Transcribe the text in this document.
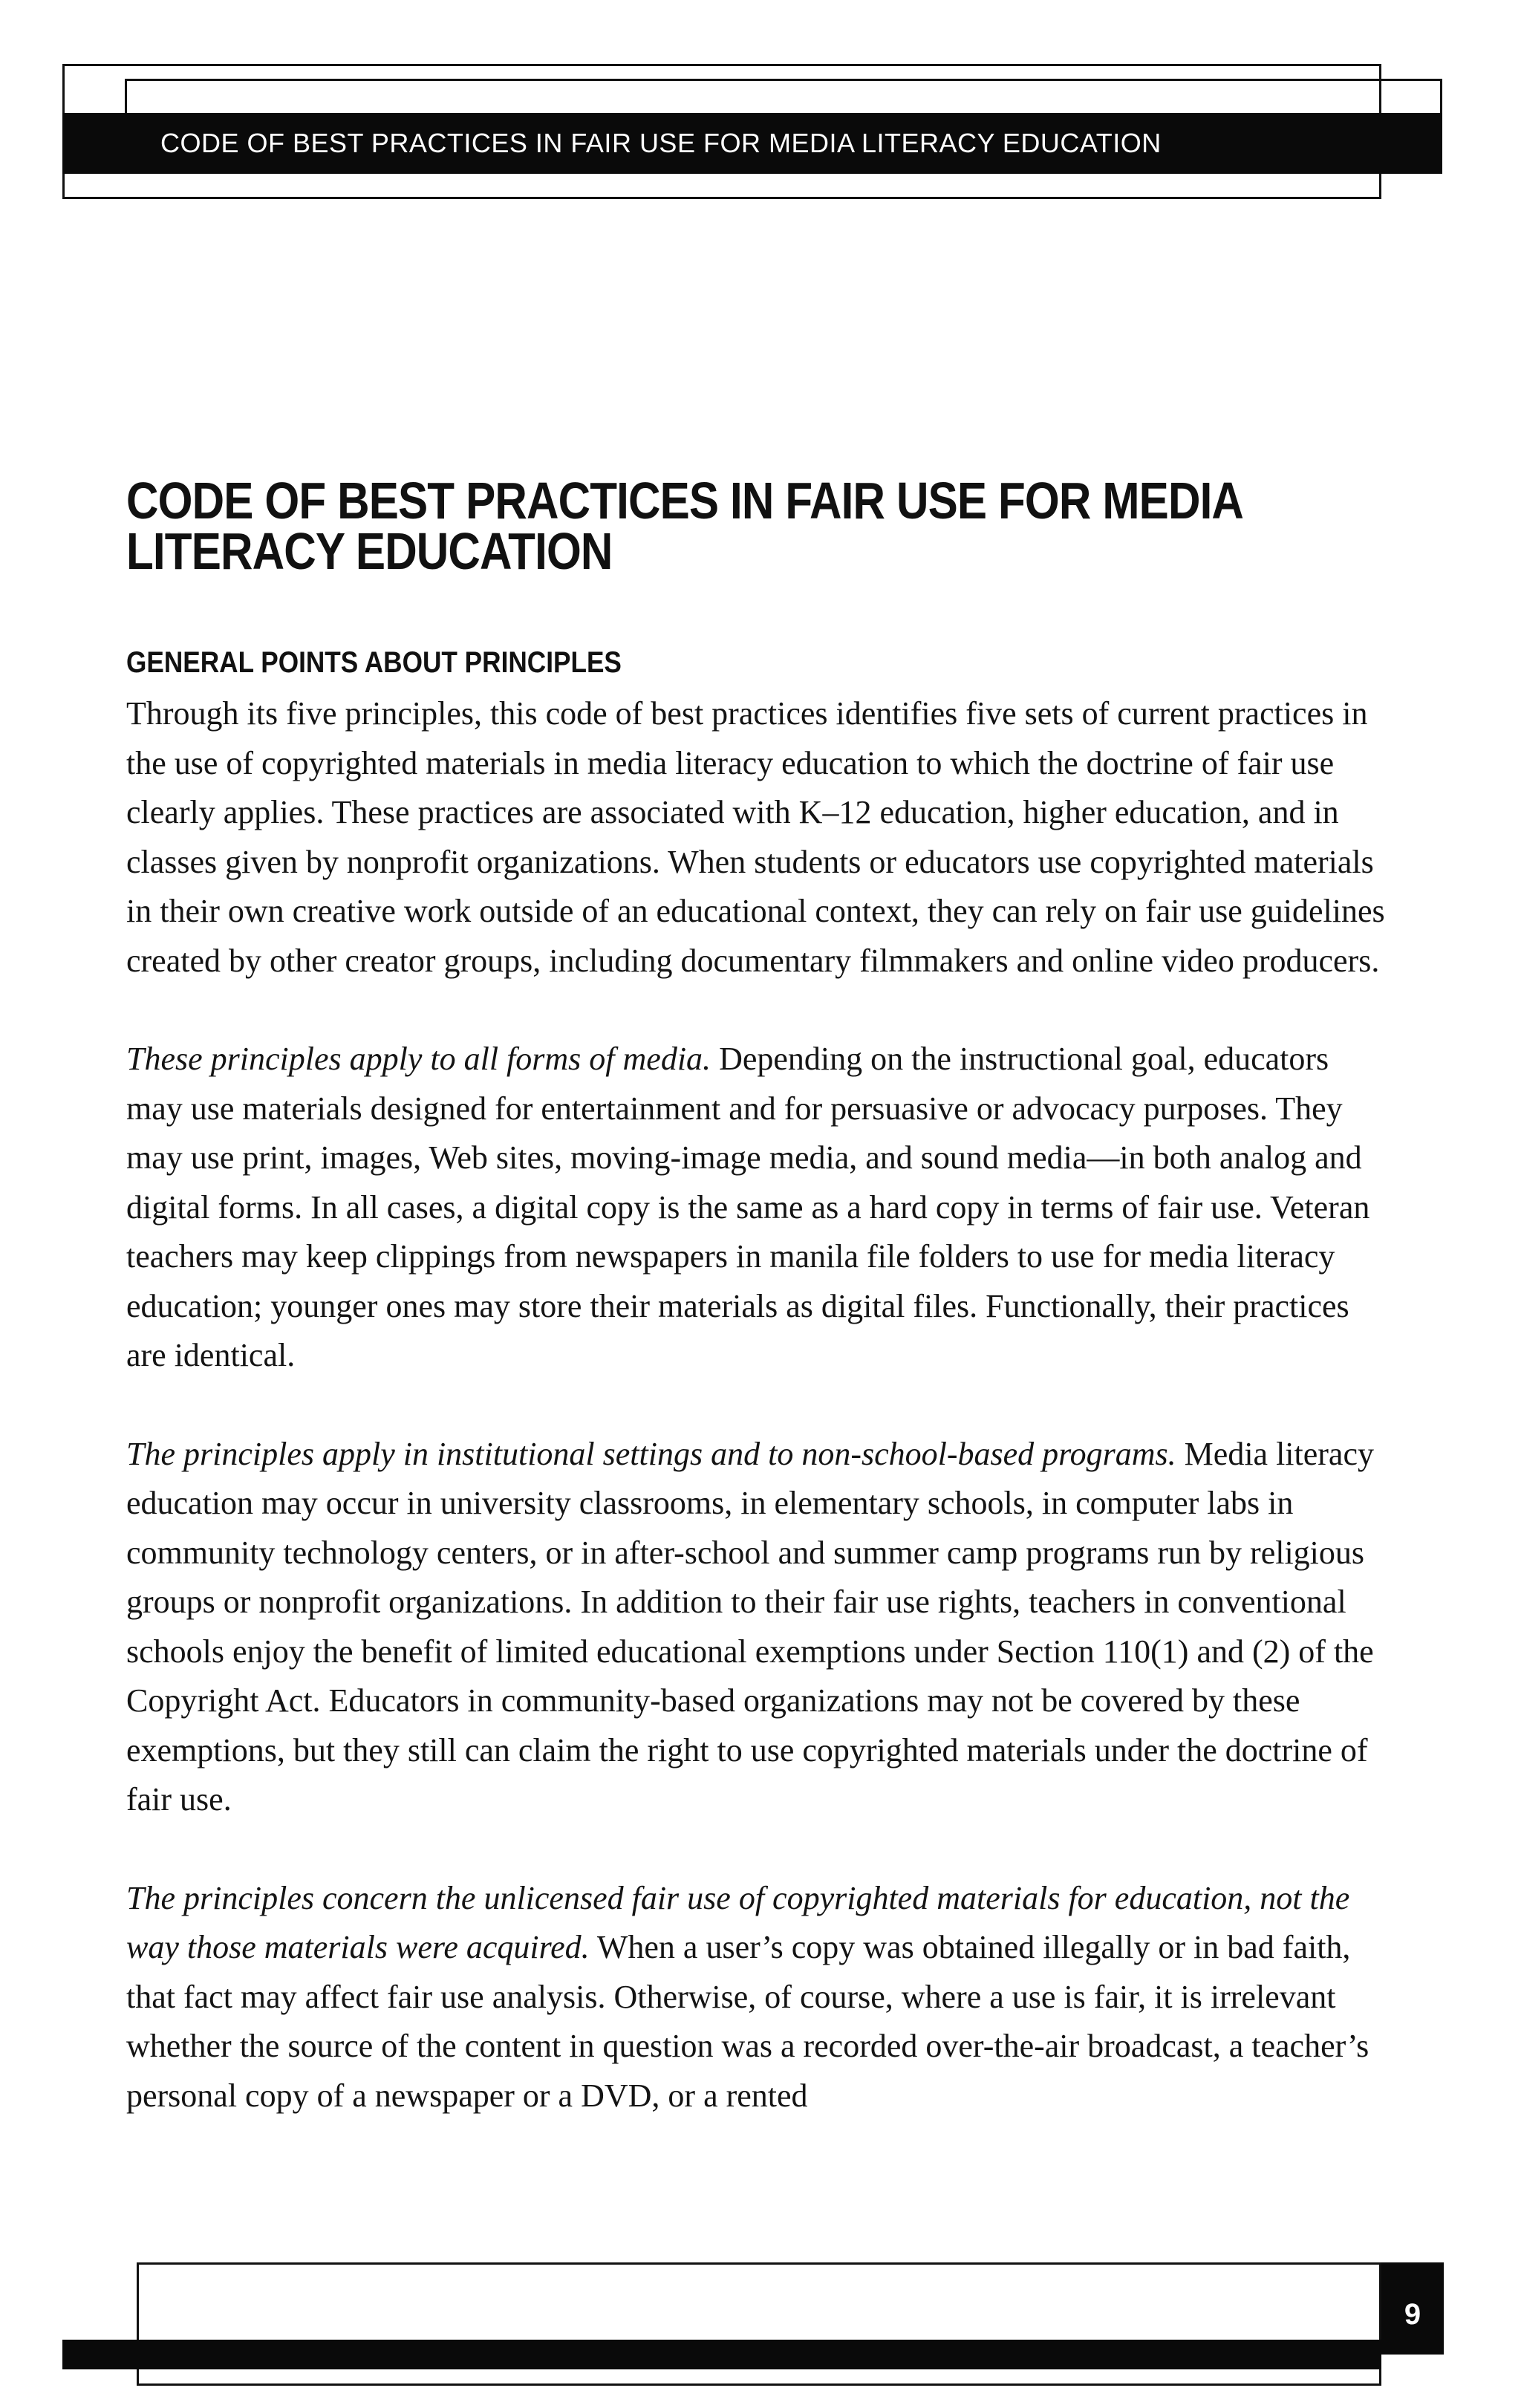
CODE OF BEST PRACTICES IN FAIR USE FOR MEDIA LITERACY EDUCATION
CODE OF BEST PRACTICES IN FAIR USE FOR MEDIA LITERACY EDUCATION
GENERAL POINTS ABOUT PRINCIPLES

Through its five principles, this code of best practices identifies five sets of current practices in the use of copyrighted materials in media literacy education to which the doctrine of fair use clearly applies. These practices are associated with K–12 education, higher education, and in classes given by nonprofit organizations. When students or educators use copyrighted materials in their own creative work outside of an educational context, they can rely on fair use guidelines created by other creator groups, including documentary filmmakers and online video producers.

These principles apply to all forms of media. Depending on the instructional goal, educators may use materials designed for entertainment and for persuasive or advocacy purposes. They may use print, images, Web sites, moving-image media, and sound media—in both analog and digital forms. In all cases, a digital copy is the same as a hard copy in terms of fair use. Veteran teachers may keep clippings from newspapers in manila file folders to use for media literacy education; younger ones may store their materials as digital files. Functionally, their practices are identical.

The principles apply in institutional settings and to non-school-based programs. Media literacy education may occur in university classrooms, in elementary schools, in computer labs in community technology centers, or in after-school and summer camp programs run by religious groups or nonprofit organizations. In addition to their fair use rights, teachers in conventional schools enjoy the benefit of limited educational exemptions under Section 110(1) and (2) of the Copyright Act. Educators in community-based organizations may not be covered by these exemptions, but they still can claim the right to use copyrighted materials under the doctrine of fair use.

The principles concern the unlicensed fair use of copyrighted materials for education, not the way those materials were acquired. When a user’s copy was obtained illegally or in bad faith, that fact may affect fair use analysis. Otherwise, of course, where a use is fair, it is irrelevant whether the source of the content in question was a recorded over-the-air broadcast, a teacher’s personal copy of a newspaper or a DVD, or a rented

9
